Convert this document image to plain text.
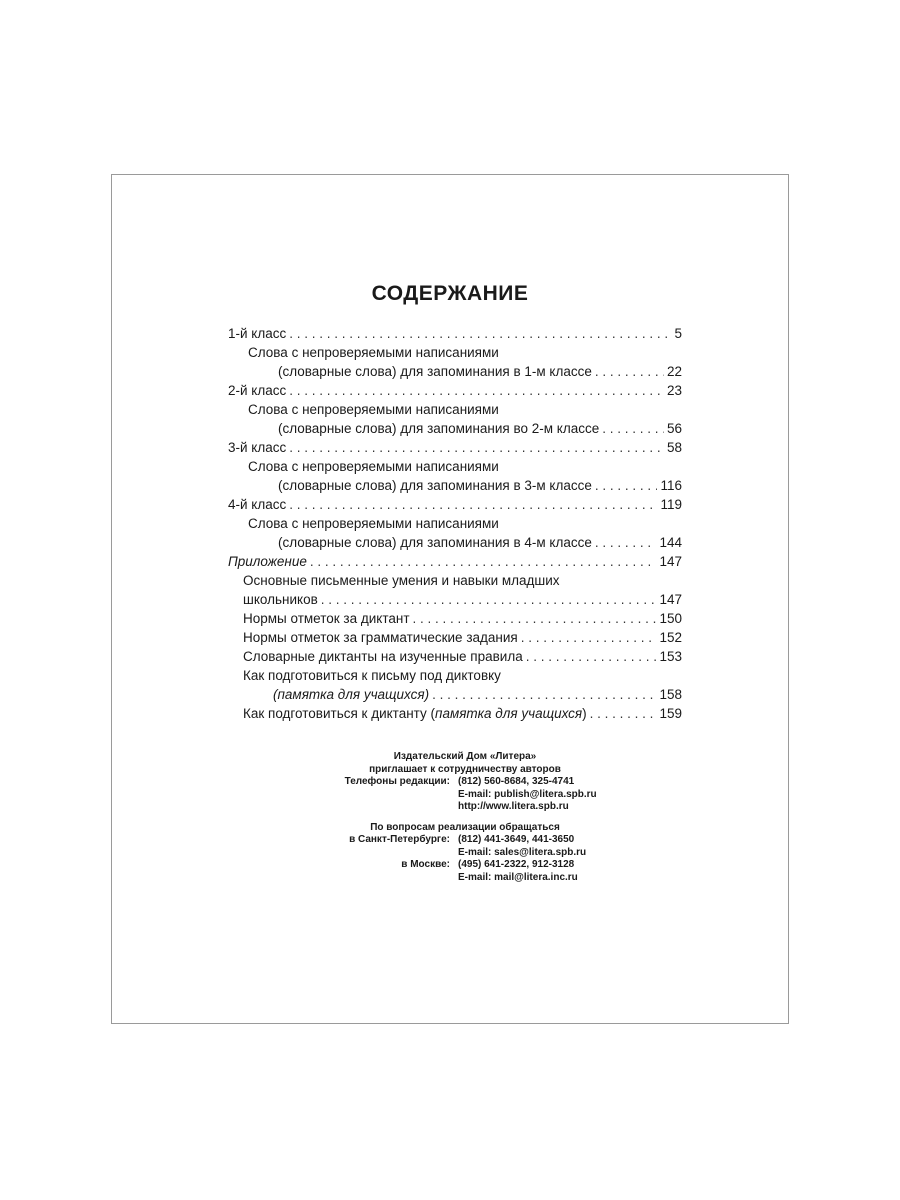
СОДЕРЖАНИЕ
1-й класс . . .	5
Слова с непроверяемыми написаниями
(словарные слова) для запоминания в 1-м классе . . .	22
2-й класс . . .	23
Слова с непроверяемыми написаниями
(словарные слова) для запоминания во 2-м классе . . .	56
3-й класс . . .	58
Слова с непроверяемыми написаниями
(словарные слова) для запоминания в 3-м классе . . .	116
4-й класс . . .	119
Слова с непроверяемыми написаниями
(словарные слова) для запоминания в 4-м классе . . .	144
Приложение . . .	147
Основные письменные умения и навыки младших
школьников . . .	147
Нормы отметок за диктант . . .	150
Нормы отметок за грамматические задания . . .	152
Словарные диктанты на изученные правила . . .	153
Как подготовиться к письму под диктовку
(памятка для учащихся) . . .	158
Как подготовиться к диктанту (памятка для учащихся) . . .	159
Издательский Дом «Литера»
приглашает к сотрудничеству авторов
Телефоны редакции: (812) 560-8684, 325-4741
E-mail: publish@litera.spb.ru
http://www.litera.spb.ru
По вопросам реализации обращаться
в Санкт-Петербурге: (812) 441-3649, 441-3650
E-mail: sales@litera.spb.ru
в Москве: (495) 641-2322, 912-3128
E-mail: mail@litera.inc.ru
